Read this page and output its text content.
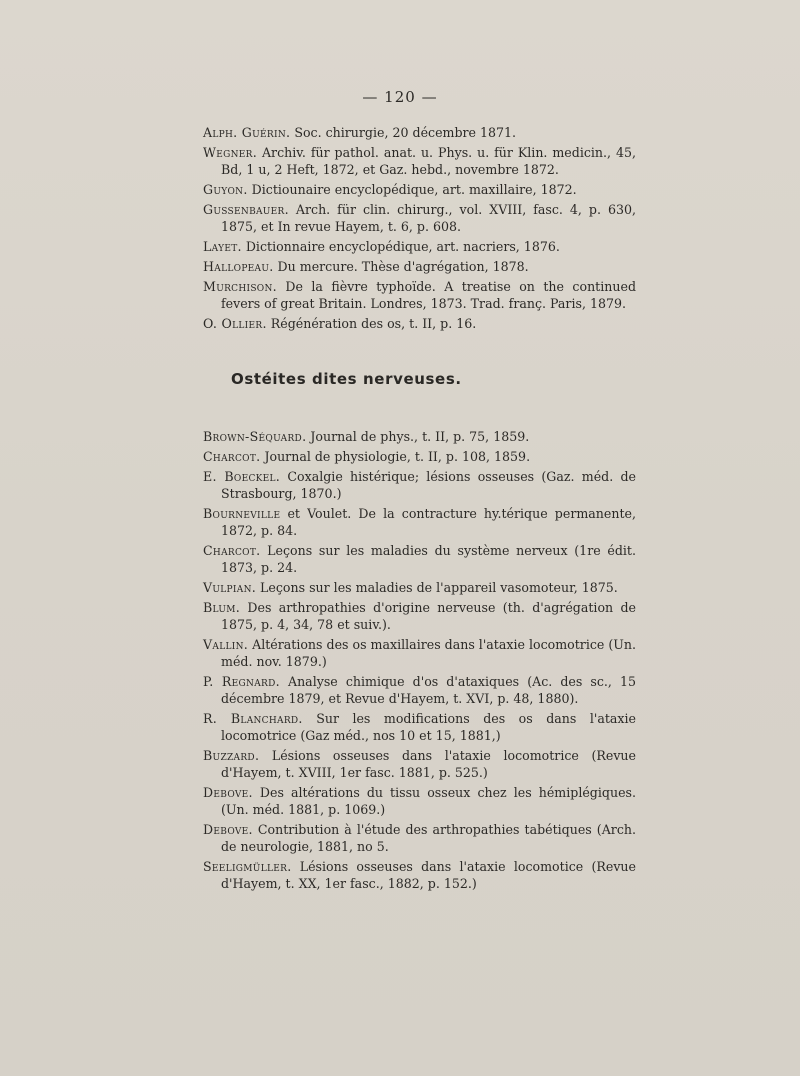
— 120 —
Alph. Guérin. Soc. chirurgie, 20 décembre 1871.
Wegner. Archiv. für pathol. anat. u. Phys. u. für Klin. medicin., 45, Bd, 1 u, 2 Heft, 1872, et Gaz. hebd., novembre 1872.
Guyon. Dictiounaire encyclopédique, art. maxillaire, 1872.
Gussenbauer. Arch. für clin. chirurg., vol. XVIII, fasc. 4, p. 630, 1875, et In revue Hayem, t. 6, p. 608.
Layet. Dictionnaire encyclopédique, art. nacriers, 1876.
Hallopeau. Du mercure. Thèse d'agrégation, 1878.
Murchison. De la fièvre typhoïde. A treatise on the continued fevers of great Britain. Londres, 1873. Trad. franç. Paris, 1879.
O. Ollier. Régénération des os, t. II, p. 16.
Ostéites dites nerveuses.
Brown-Séquard. Journal de phys., t. II, p. 75, 1859.
Charcot. Journal de physiologie, t. II, p. 108, 1859.
E. Boeckel. Coxalgie histérique; lésions osseuses (Gaz. méd. de Strasbourg, 1870.)
Bourneville et Voulet. De la contracture hy.térique permanente, 1872, p. 84.
Charcot. Leçons sur les maladies du système nerveux (1re édit. 1873, p. 24.
Vulpian. Leçons sur les maladies de l'appareil vasomoteur, 1875.
Blum. Des arthropathies d'origine nerveuse (th. d'agrégation de 1875, p. 4, 34, 78 et suiv.).
Vallin. Altérations des os maxillaires dans l'ataxie locomotrice (Un. méd. nov. 1879.)
P. Regnard. Analyse chimique d'os d'ataxiques (Ac. des sc., 15 décembre 1879, et Revue d'Hayem, t. XVI, p. 48, 1880).
R. Blanchard. Sur les modifications des os dans l'ataxie locomotrice (Gaz méd., nos 10 et 15, 1881,)
Buzzard. Lésions osseuses dans l'ataxie locomotrice (Revue d'Hayem, t. XVIII, 1er fasc. 1881, p. 525.)
Debove. Des altérations du tissu osseux chez les hémiplégiques. (Un. méd. 1881, p. 1069.)
Debove. Contribution à l'étude des arthropathies tabétiques (Arch. de neurologie, 1881, no 5.
Seeligmüller. Lésions osseuses dans l'ataxie locomotice (Revue d'Hayem, t. XX, 1er fasc., 1882, p. 152.)
